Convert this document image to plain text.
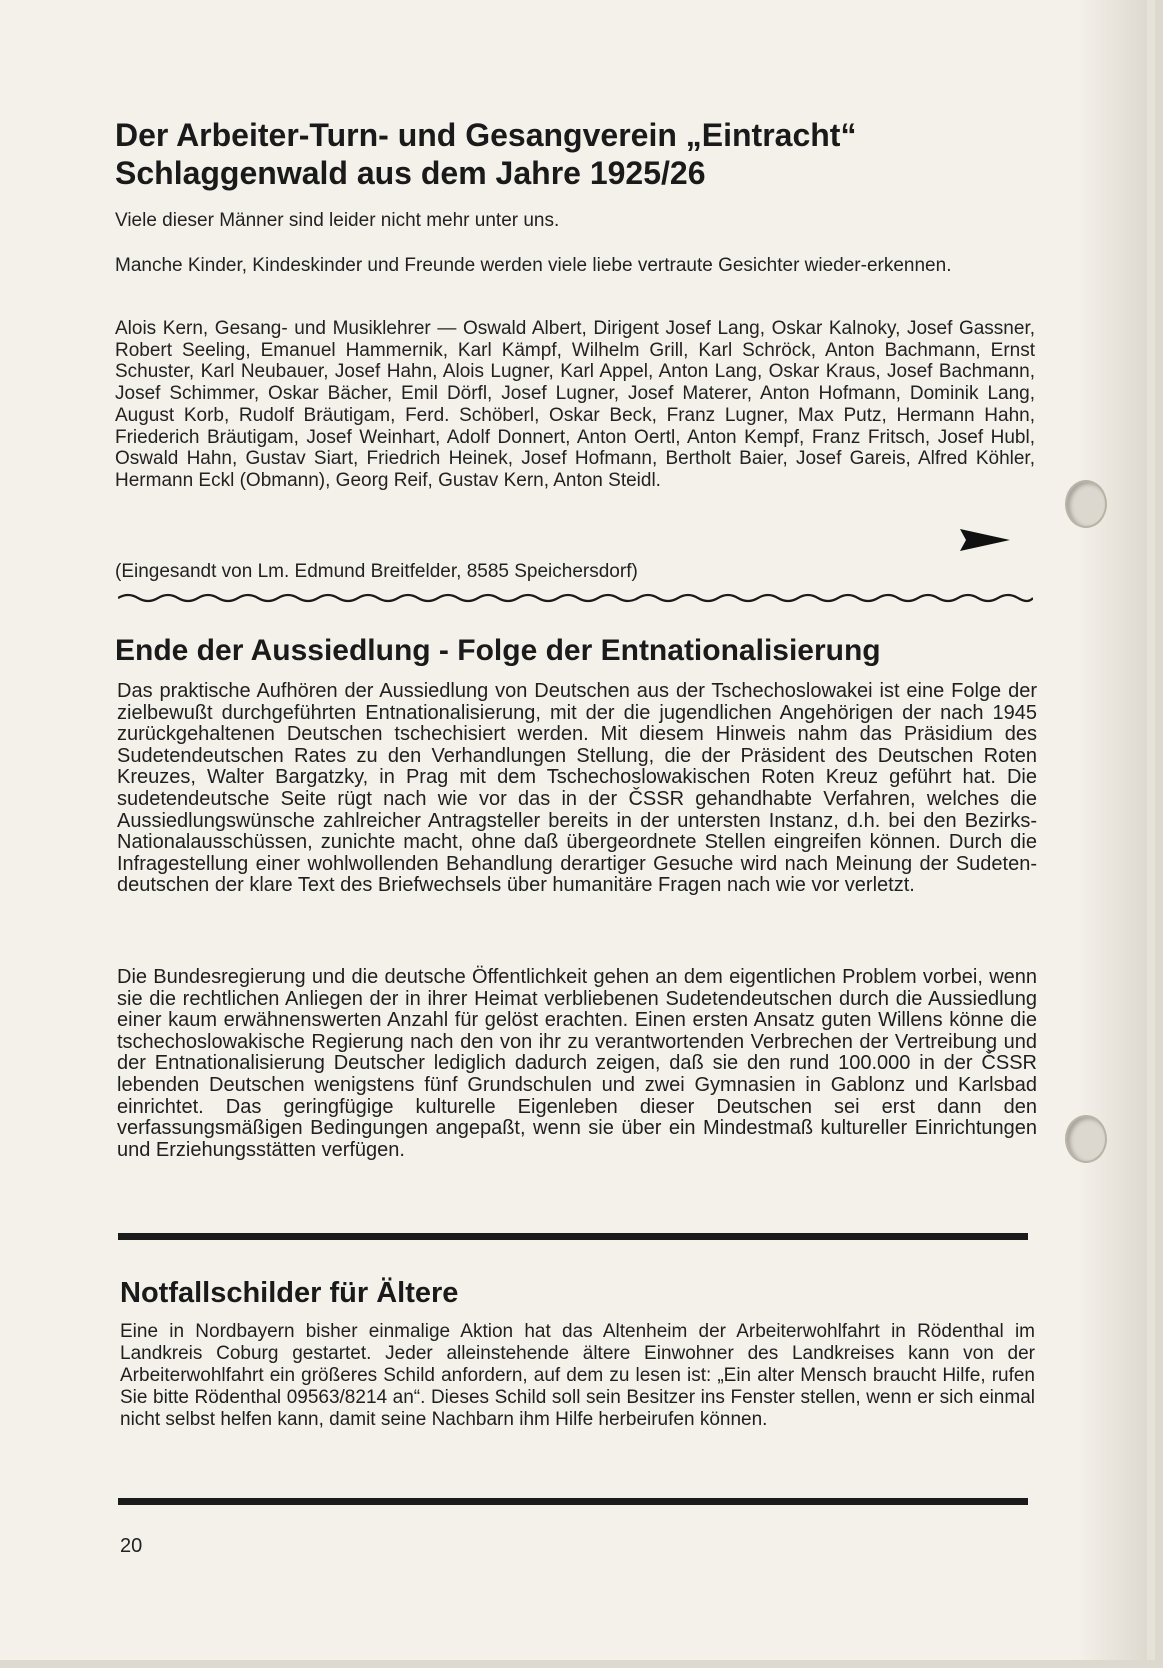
Der Arbeiter-Turn- und Gesangverein „Eintracht“
Schlaggenwald aus dem Jahre 1925/26

Viele dieser Männer sind leider nicht mehr unter uns.

Manche Kinder, Kindeskinder und Freunde werden viele liebe vertraute Gesichter wieder-erkennen.

Alois Kern, Gesang- und Musiklehrer — Oswald Albert, Dirigent Josef Lang, Oskar Kalnoky, Josef Gassner, Robert Seeling, Emanuel Hammernik, Karl Kämpf, Wilhelm Grill, Karl Schröck, Anton Bachmann, Ernst Schuster, Karl Neubauer, Josef Hahn, Alois Lugner, Karl Appel, Anton Lang, Oskar Kraus, Josef Bachmann, Josef Schimmer, Oskar Bächer, Emil Dörfl, Josef Lugner, Josef Materer, Anton Hofmann, Dominik Lang, August Korb, Rudolf Bräutigam, Ferd. Schöberl, Oskar Beck, Franz Lugner, Max Putz, Hermann Hahn, Friederich Bräutigam, Josef Weinhart, Adolf Donnert, Anton Oertl, Anton Kempf, Franz Fritsch, Josef Hubl, Oswald Hahn, Gustav Siart, Friedrich Heinek, Josef Hofmann, Bertholt Baier, Josef Gareis, Alfred Köhler, Hermann Eckl (Obmann), Georg Reif, Gustav Kern, Anton Steidl.

(Eingesandt von Lm. Edmund Breitfelder, 8585 Speichersdorf)

Ende der Aussiedlung - Folge der Entnationalisierung

Das praktische Aufhören der Aussiedlung von Deutschen aus der Tschechoslowakei ist eine Folge der zielbewußt durchgeführten Entnationalisierung, mit der die jugendlichen Angehörigen der nach 1945 zurückgehaltenen Deutschen tschechisiert werden. Mit diesem Hinweis nahm das Präsidium des Sudetendeutschen Rates zu den Verhandlungen Stellung, die der Präsident des Deutschen Roten Kreuzes, Walter Bargatzky, in Prag mit dem Tschechoslowakischen Roten Kreuz geführt hat. Die sudetendeutsche Seite rügt nach wie vor das in der ČSSR gehandhabte Verfahren, welches die Aussiedlungswünsche zahlreicher Antragsteller bereits in der untersten Instanz, d.h. bei den Bezirks-Nationalausschüssen, zunichte macht, ohne daß übergeordnete Stellen eingreifen können. Durch die Infragestellung einer wohlwollenden Behandlung derartiger Gesuche wird nach Meinung der Sudeten-deutschen der klare Text des Briefwechsels über humanitäre Fragen nach wie vor verletzt.

Die Bundesregierung und die deutsche Öffentlichkeit gehen an dem eigentlichen Problem vorbei, wenn sie die rechtlichen Anliegen der in ihrer Heimat verbliebenen Sudetendeutschen durch die Aussiedlung einer kaum erwähnenswerten Anzahl für gelöst erachten. Einen ersten Ansatz guten Willens könne die tschechoslowakische Regierung nach den von ihr zu verantwortenden Verbrechen der Vertreibung und der Entnationalisierung Deutscher lediglich dadurch zeigen, daß sie den rund 100.000 in der ČSSR lebenden Deutschen wenigstens fünf Grundschulen und zwei Gymnasien in Gablonz und Karlsbad einrichtet. Das geringfügige kulturelle Eigenleben dieser Deutschen sei erst dann den verfassungsmäßigen Bedingungen angepaßt, wenn sie über ein Mindestmaß kultureller Einrichtungen und Erziehungsstätten verfügen.

Notfallschilder für Ältere

Eine in Nordbayern bisher einmalige Aktion hat das Altenheim der Arbeiterwohlfahrt in Rödenthal im Landkreis Coburg gestartet. Jeder alleinstehende ältere Einwohner des Landkreises kann von der Arbeiterwohlfahrt ein größeres Schild anfordern, auf dem zu lesen ist: „Ein alter Mensch braucht Hilfe, rufen Sie bitte Rödenthal 09563/8214 an“. Dieses Schild soll sein Besitzer ins Fenster stellen, wenn er sich einmal nicht selbst helfen kann, damit seine Nachbarn ihm Hilfe herbeirufen können.

20
